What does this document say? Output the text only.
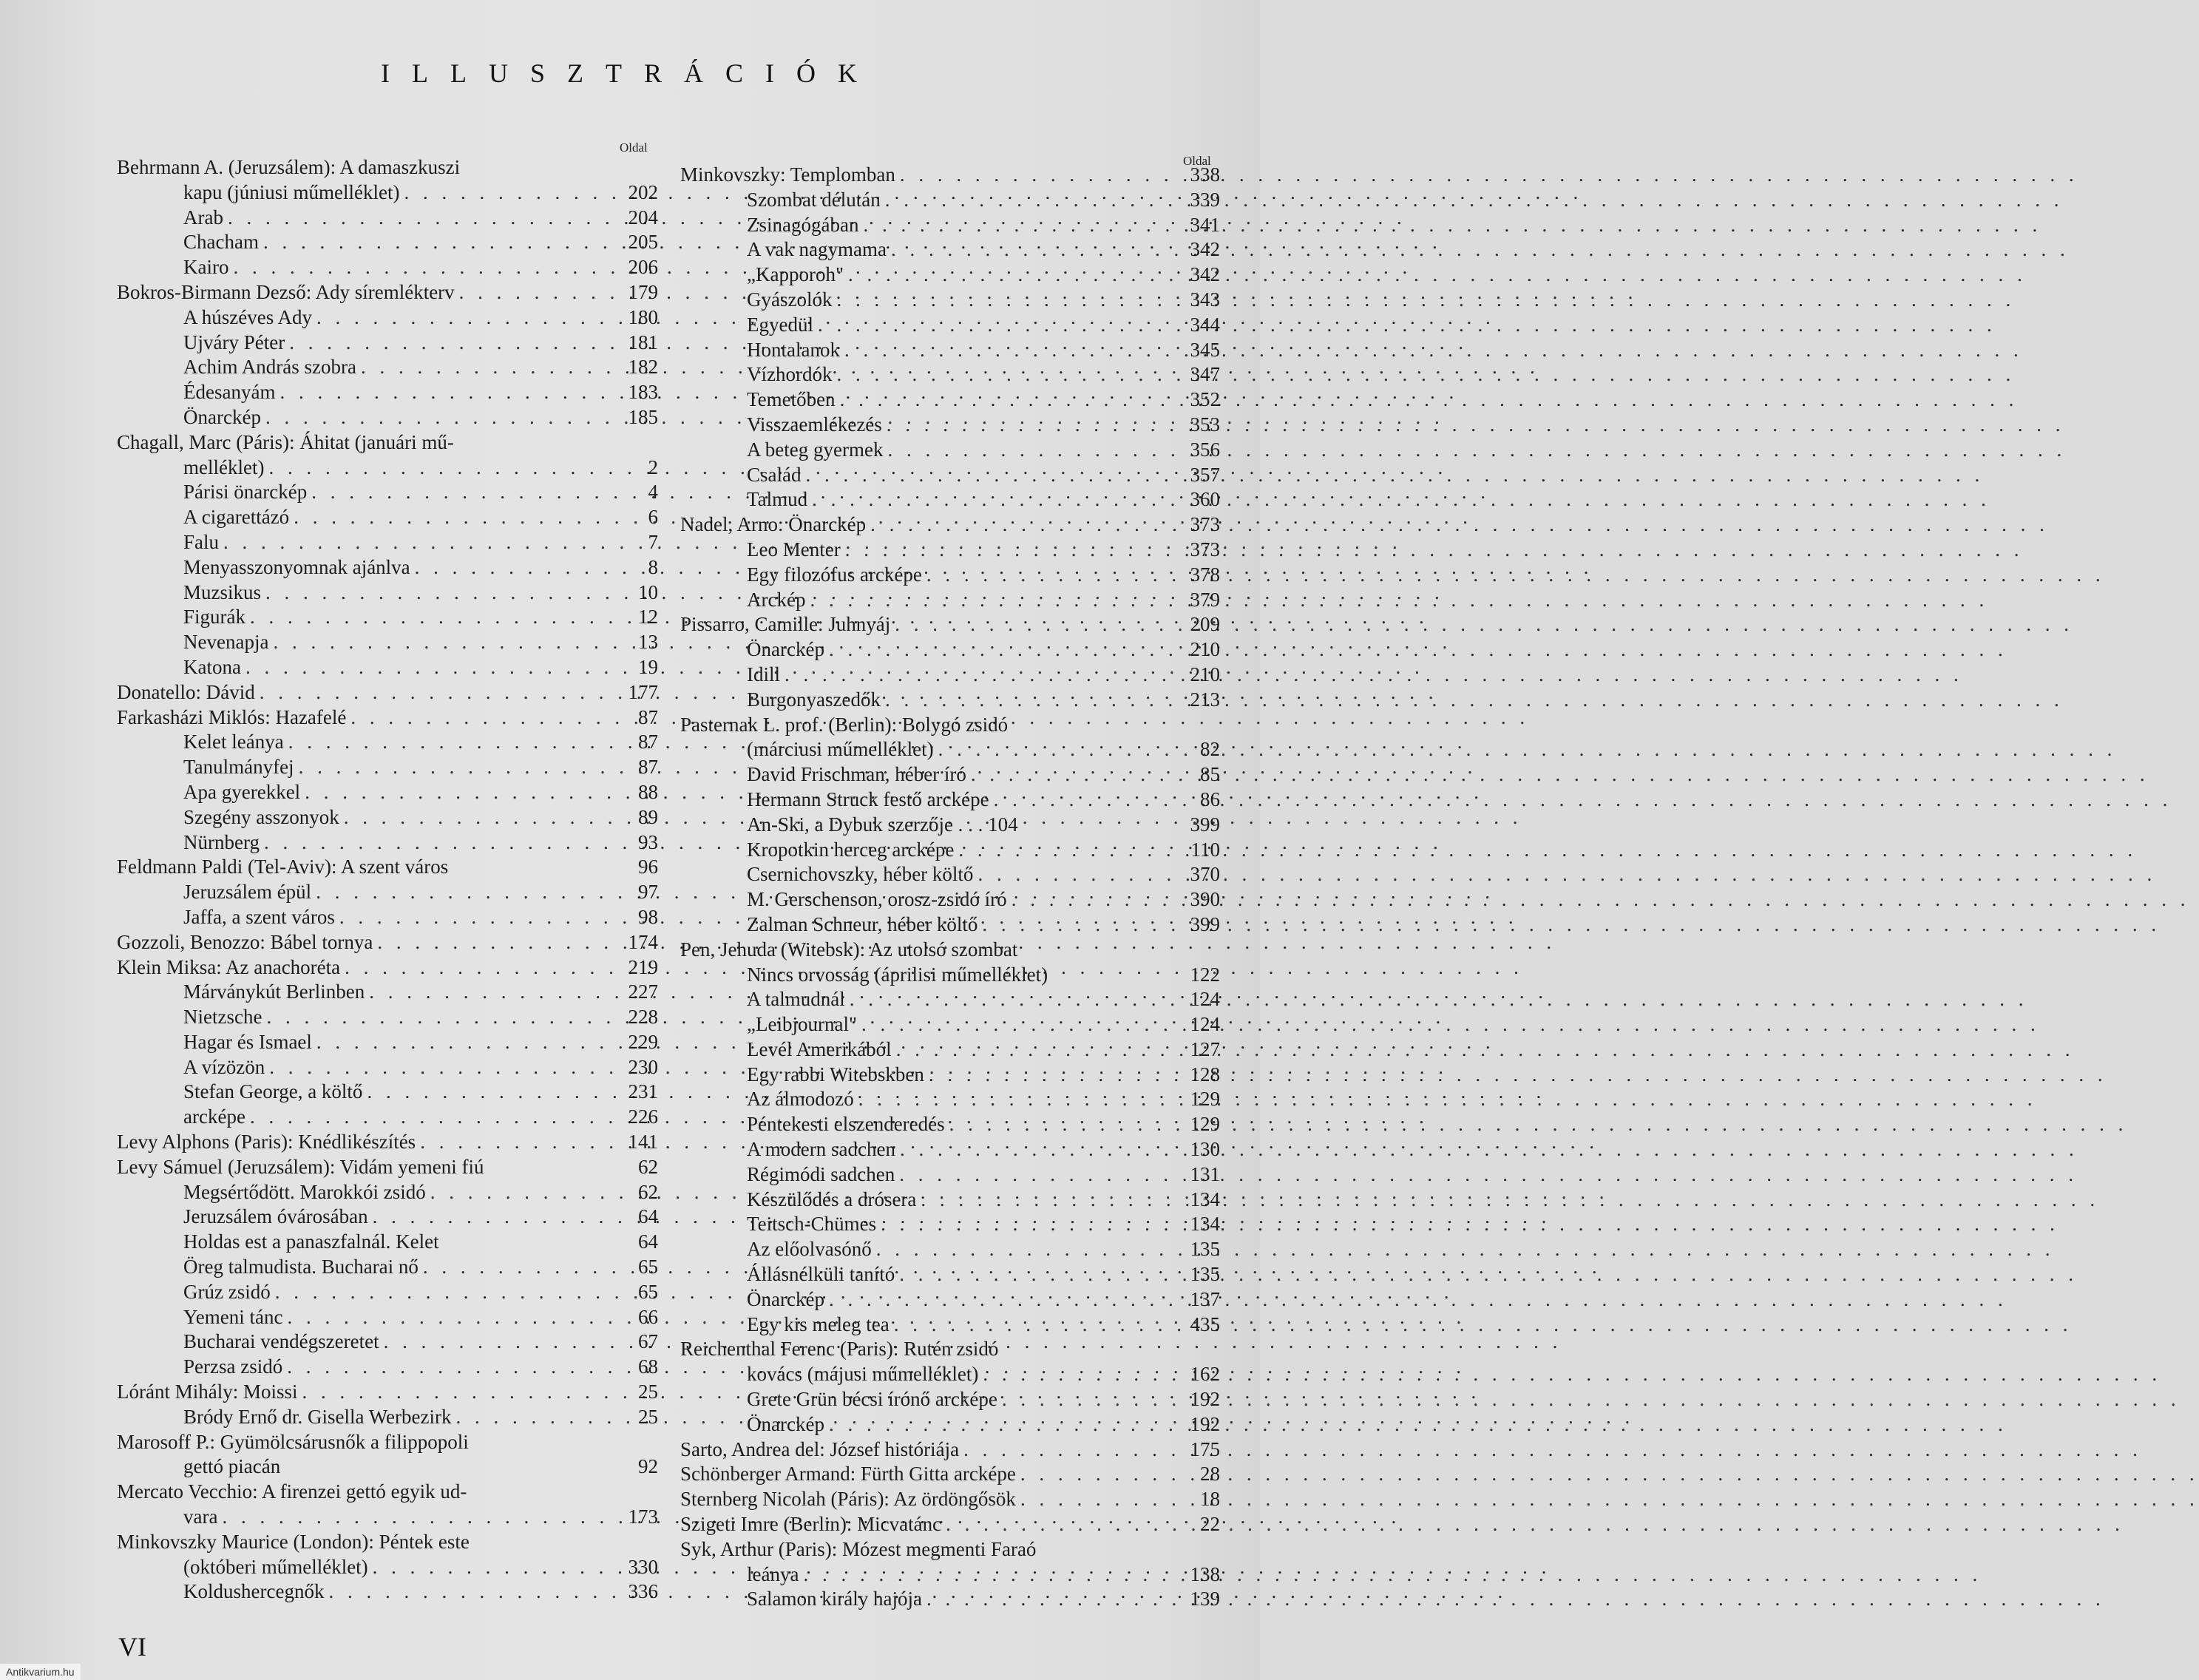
ILLUSZTRÁCIÓK
Oldal
Oldal
Behrmann A. (Jeruzsálem): A damaszkuszi
kapu (júniusi műmelléklet) . . .	202
Arab . . .	204
Chacham . . .	205
Kairo . . .	206
Bokros-Birmann Dezső: Ady síremlékterv . . .	179
A húszéves Ady . . .	180
Ujváry Péter . . .	181
Achim András szobra . . .	182
Édesanyám . . .	183
Önarckép . . .	185
Chagall, Marc (Páris): Áhitat (januári mű-
melléklet) . . .	2
Párisi önarckép . . .	4
A cigarettázó . . .	6
Falu . . .	7
Menyasszonyomnak ajánlva . . .	8
Muzsikus . . .	10
Figurák . . .	12
Nevenapja . . .	13
Katona . . .	19
Donatello: Dávid . . .	177
Farkasházi Miklós: Hazafelé . . .	87
Kelet leánya . . .	87
Tanulmányfej . . .	87
Apa gyerekkel . . .	88
Szegény asszonyok . . .	89
Nürnberg . . .	93
Feldmann Paldi (Tel-Aviv): A szent város	96
Jeruzsálem épül . . .	97
Jaffa, a szent város . . .	98
Gozzoli, Benozzo: Bábel tornya . . .	174
Klein Miksa: Az anachoréta . . .	219
Márványkút Berlinben . . .	227
Nietzsche . . .	228
Hagar és Ismael . . .	229
A vízözön . . .	230
Stefan George, a költő . . .	231
arcképe . . .	226
Levy Alphons (Paris): Knédlikészítés . . .	141
Levy Sámuel (Jeruzsálem): Vidám yemeni fiú	62
Megsértődött. Marokkói zsidó . . .	62
Jeruzsálem óvárosában . . .	64
Holdas est a panaszfalnál. Kelet	64
Öreg talmudista. Bucharai nő . . .	65
Grúz zsidó . . .	65
Yemeni tánc . . .	66
Bucharai vendégszeretet . . .	67
Perzsa zsidó . . .	68
Lóránt Mihály: Moissi . . .	25
Bródy Ernő dr. Gisella Werbezirk . . .	25
Marosoff P.: Gyümölcsárusnők a filippopoli
gettó piacán	92
Mercato Vecchio: A firenzei gettó egyik ud-
vara . . .	173
Minkovszky Maurice (London): Péntek este
(októberi műmelléklet) . . .	330
Koldushercegnők . . .	336
Minkovszky: Templomban . . .	338
Szombat délután . . .	339
Zsinagógában . . .	341
A vak nagymama . . .	342
„Kapporoh" . . .	342
Gyászolók . . .	343
Egyedül . . .	344
Hontalanok . . .	345
Vízhordók . . .	347
Temetőben . . .	352
Visszaemlékezés . . .	353
A beteg gyermek . . .	356
Család . . .	357
Talmud . . .	360
Nadel, Arno: Önarckép . . .	373
Leo Menter . . .	373
Egy filozófus arcképe . . .	378
Arckép . . .	379
Pissarro, Camille: Juhnyáj . . .	209
Önarckép . . .	210
Idill . . .	210
Burgonyaszedők . . .	213
Pasternak L. prof. (Berlin): Bolygó zsidó
(márciusi műmelléklet) . . .	82
David Frischman, héber író . . .	85
Hermann Struck festő arcképe . . .	86
An-Ski, a Dybuk szerzője . . . 104	399
Kropotkin herceg arcképe . . .	110
Csernichovszky, héber költő . . .	370
M. Gerschenson, orosz-zsidó író . . .	390
Zalman Schneur, héber költő . . .	399
Pen, Jehuda (Witebsk): Az utolsó szombat
Nincs orvosság (áprilisi műmelléklet)	122
A talmudnál . . .	124
„Leibjournal" . . .	124
Levél Amerikából . . .	127
Egy rabbi Witebskben . . .	128
Az álmodozó . . .	129
Péntekesti elszenderedés . . .	129
A modern sadchen . . .	130
Régimódi sadchen . . .	131
Készülődés a drósera . . .	134
Teitsch-Chümes . . .	134
Az előolvasónő . . .	135
Állásnélküli tanító . . .	135
Önarckép . . .	137
Egy kis meleg tea . . .	435
Reichenthal Ferenc (Paris): Rutén zsidó
kovács (májusi műmelléklet) . . .	162
Grete Grün bécsi írónő arcképe . . .	192
Önarckép . . .	192
Sarto, Andrea del: József históriája . . .	175
Schönberger Armand: Fürth Gitta arcképe . . .	28
Sternberg Nicolah (Páris): Az ördöngősök . . .	18
Szigeti Imre (Berlin): Micvatánc . . .	22
Syk, Arthur (Paris): Mózest megmenti Faraó
leánya . . .	138
Salamon király hajója . . .	139
VI
Antikvarium.hu
